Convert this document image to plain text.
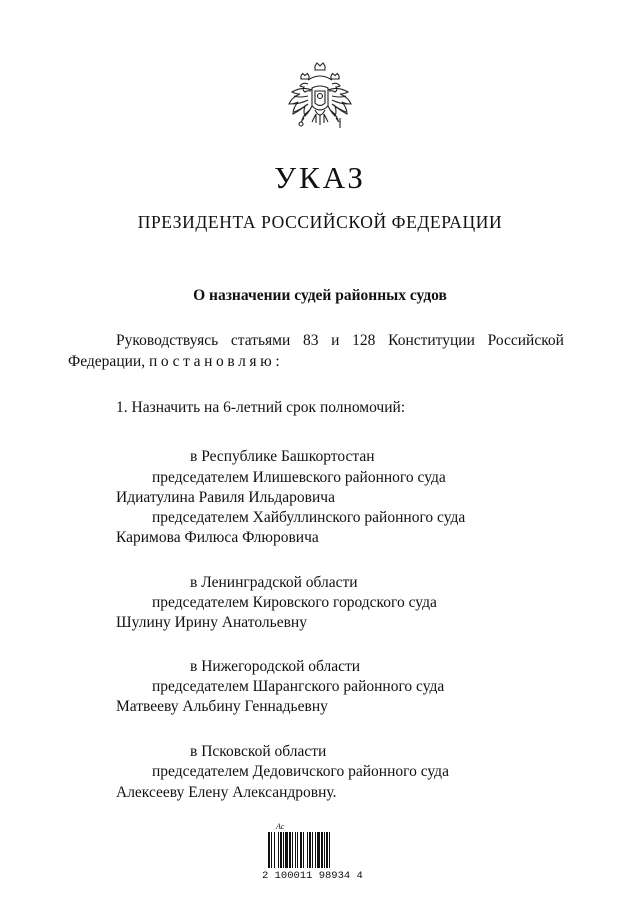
УКАЗ
ПРЕЗИДЕНТА РОССИЙСКОЙ ФЕДЕРАЦИИ
О назначении судей районных судов
Руководствуясь статьями 83 и 128 Конституции Российской
Федерации, постановляю:
1. Назначить на 6-летний срок полномочий:
в Республике Башкортостан
председателем Илишевского районного суда
Идиатулина Равиля Ильдаровича
председателем Хайбуллинского районного суда
Каримова Филюса Флюровича
в Ленинградской области
председателем Кировского городского суда
Шулину Ирину Анатольевну
в Нижегородской области
председателем Шарангского районного суда
Матвееву Альбину Геннадьевну
в Псковской области
председателем Дедовичского районного суда
Алексееву Елену Александровну.
Ac
2 100011 98934 4
